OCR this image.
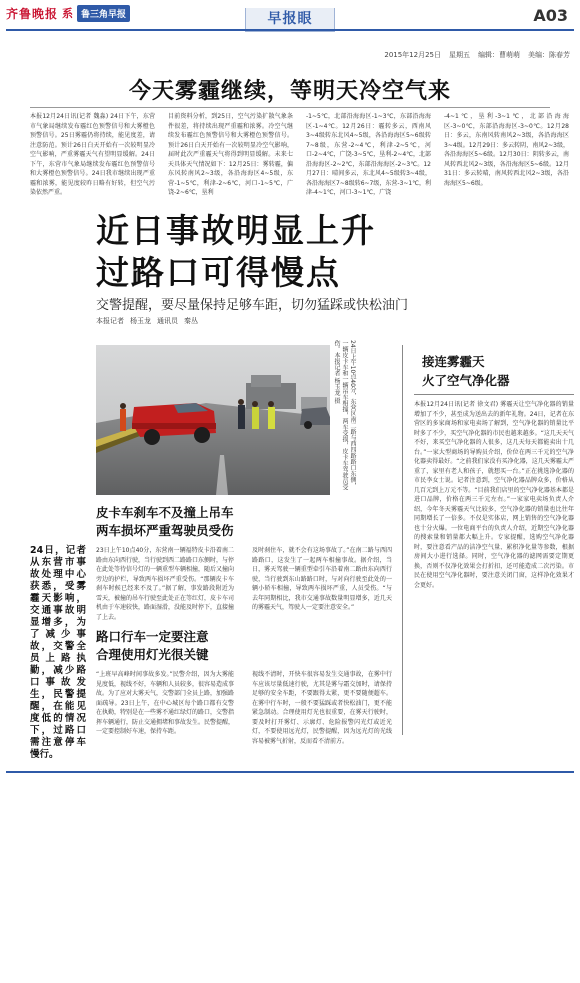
齐鲁晚报 系 鲁三角早报	早报眼	A03
2015年12月25日 星期五 编辑：曹萌萌 美编：陈春芳
今天雾霾继续，等明天冷空气来
本报12月24日讯(记者 魏淼) 24日下午，东营市气象局继续发布霾红色预警信号和大雾橙色预警信号。25日雾霾仍将持续，能见度差，请注意防范。预计26日白天开始有一次较明显冷空气影响，严重雾霾天气有望明显缓解。24日下午，东营市气象局继续发布霾红色预警信号和大雾橙色预警信号。24日我市继续出现严重霾和浓雾，能见度较昨日略有好转，但空气污染依然严重。
目前资料分析，到25日，空气污染扩散气象条件很差，将持续出现严重霾和浓雾。冷空气继续发布霾红色预警信号和大雾橙色预警信号。预计26日白天开始有一次较明显冷空气影响，届时此次严重霾天气将得到明显缓解。未来七天具体天气情况如下：12月25日：雾转霾，偏东风转南风2~3级，各沿海海区4~5级，东营-1~5℃，利津-2~6℃，河口-1~5℃，广饶-2~6℃，垦利
-1~5℃，北部沿海海区-1~3℃，东部沿海海区-1~4℃。12月26日：霾转多云，西南风3~4级转东北风4~5级，各沿海海区5~6级转7~8级，东营-2~4℃，利津-2~5℃，河口-2~4℃，广饶-3~5℃，垦利-2~4℃，北部沿海海区-2~2℃，东部沿海海区-2~3℃。12月27日：晴间多云，东北风4~5级转3~4级，各沿海海区7~8级转6~7级，东营-3~1℃，利津-4~1℃，河口-3~1℃，广饶
-4~1℃，垦利-3~1℃，北部沿海海区-3~0℃，东部沿海海区-3~0℃。12月28日：多云，东南风转南风2~3级，各沿海海区3~4级。12月29日：多云转阴，南风2~3级，各沿海海区5~6级。12月30日：阴转多云，南风转西北风2~3级，各沿海海区5~6级。12月31日：多云转晴，南风转西北风2~3级，各沿海海区5~6级。
近日事故明显上升
过路口可得慢点
交警提醒，要尽量保持足够车距，切勿猛踩或快松油门
本报记者 杨玉龙 通讯员 秦丛
24日上午10点40分，东营区南二路与西四路路口东侧，一辆皮卡车和一辆吊车相撞，两车受损，皮卡车驾驶员受伤。本报记者 杨玉龙 摄
皮卡车刹车不及撞上吊车
两车损坏严重驾驶员受伤
23日上午10点40分，东营南一辆福特皮卡沿着南二路由东向西行驶，当行驶到西二路路口东侧时，与停在此处等待信号灯的一辆重型车辆相撞，随后又撞向旁边的护栏，导致两车损坏严重受伤。“那辆皮卡车刹车时候已经来不及了。”据了解，事发路段附近为雪天，被撞的吊车行驶至此处正在等红灯，皮卡车司机由于车速较快，路面湿滑，没能及时停下，直接撞了上去。
及时刹住车，就不会有这场事故了。”在南二路与西四路路口，这发生了一起两车相撞事故。据介绍，当日，雾天驾驶一辆重型牵引车沿着南二路由东向西行驶，当行驶到东山路路口时，与对向行驶至此处的一辆小轿车相撞，导致两车损坏严重，人员受伤。“与去年同期相比，我市交通事故数量明显增多，近几天的雾霾天气，驾驶人一定要注意安全。”
路口行车一定要注意
合理使用灯光很关键
“上班早高峰时间事故多发。”民警介绍，因为大雾能见度低，视线不好，车辆和人员较多，很容易造成事故。为了应对大雾天气，交警部门全员上路，加强路面疏导。23日上午，在中心城区每个路口都有交警在执勤，特别是在一些雾不通红绿灯的路口，交警指挥车辆通行，防止交通拥堵和事故发生。民警提醒，一定要控制好车速，保持车距。
视线不清时，开快车很容易发生交通事故，在雾中行车应该尽量低速行驶，尤其是雾与霜交加时，请保持足够的安全车距，不要跟得太紧，更不要随便超车。在雾中行车时，一般不要猛踩或者快松油门，更不能紧急制动。合理使用灯光也很重要，在雾天行驶时，要及时打开雾灯、示廓灯、危险报警闪光灯或近光灯，不要使用远光灯，民警提醒，因为远光灯的光线容易被雾气折射，反而看不清前方。
24日，记者从东营市事故处理中心获悉，受雾霾天影响，交通事故明显增多，为了减少事故，交警全员上路执勤，减少路口事故发生，民警提醒，在能见度低的情况下，过路口需注意停车慢行。
接连雾霾天
火了空气净化器
本报12月24日讯(记者 徐文君) 雾霾天让空气净化器的销量增加了不少，甚至成为送出去的新年礼物。24日，记者在东营区的多家商场和家电卖场了解到，空气净化器的销量比平时多了不少，买空气净化器的市民也越来越多。“这几天天气不好，来买空气净化器的人很多，这几天每天都能卖出十几台。”一家大型商场的导购员介绍，价位在两三千元的空气净化器卖得最好。“之前我们家没有买净化器，这几天雾霾太严重了，家里有老人和孩子，就想买一台。”正在挑选净化器的市民李女士说。记者注意到，空气净化器品牌众多，价格从几百元到上万元不等。“目前我们店里的空气净化器基本都是进口品牌，价格在两三千元左右。”一家家电卖场负责人介绍，今年冬天雾霾天气比较多，空气净化器的销量也比往年同期增长了一倍多。不仅是实体店，网上销售的空气净化器也十分火爆。一位电商平台的负责人介绍，近期空气净化器的搜索量和销量都大幅上升。专家提醒，选购空气净化器时，要注意看产品的洁净空气量、累积净化量等参数，根据房间大小进行选择。同时，空气净化器的滤网需要定期更换，否则不仅净化效果会打折扣，还可能造成二次污染。市民在使用空气净化器时，要注意关闭门窗，这样净化效果才会更好。
